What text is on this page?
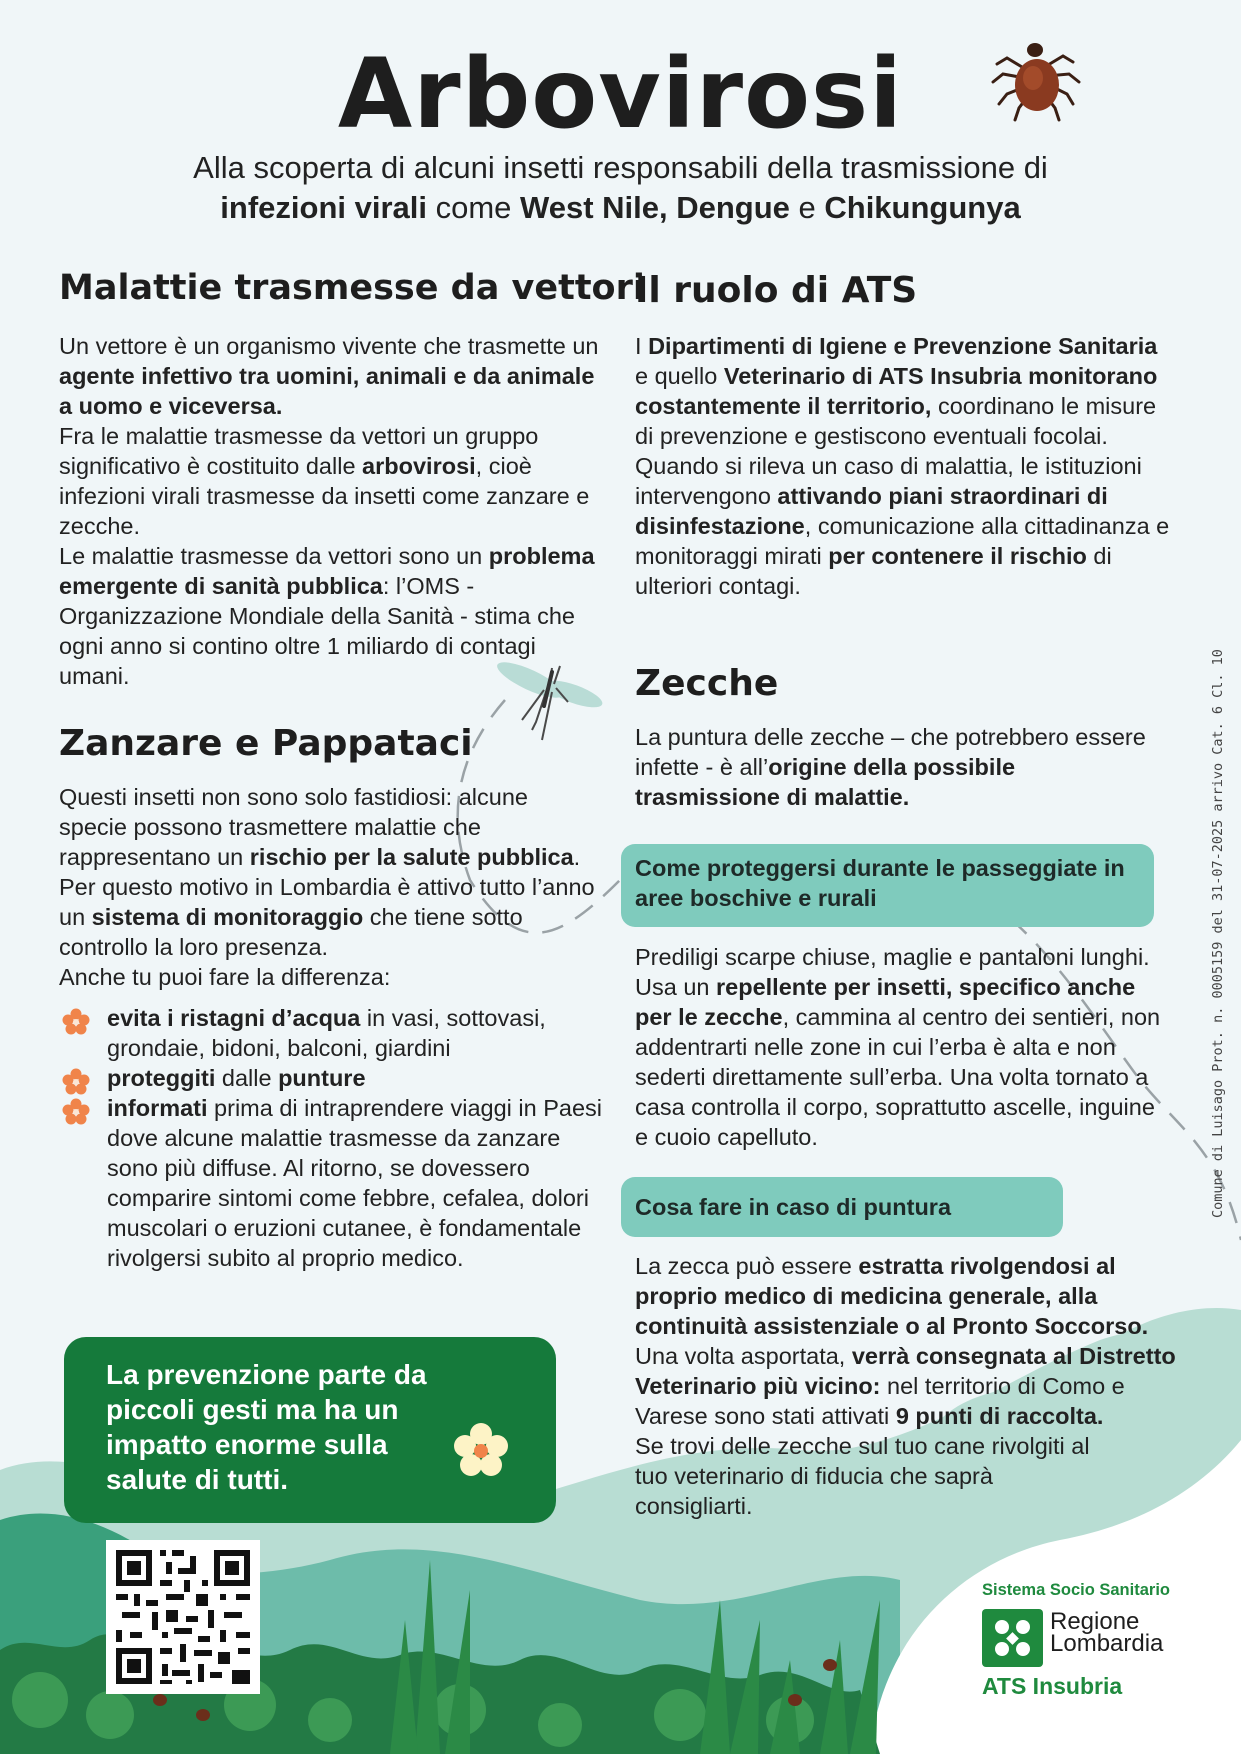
Arbovirosi
Alla scoperta di alcuni insetti responsabili della trasmissione di
infezioni virali come West Nile, Dengue e Chikungunya
Malattie trasmesse da vettori

Un vettore è un organismo vivente che trasmette un agente infettivo tra uomini, animali e da animale a uomo e viceversa.

Fra le malattie trasmesse da vettori un gruppo significativo è costituito dalle arbovirosi, cioè infezioni virali trasmesse da insetti come zanzare e zecche.

Le malattie trasmesse da vettori sono un problema emergente di sanità pubblica: l’OMS - Organizzazione Mondiale della Sanità - stima che ogni anno si contino oltre 1 miliardo di contagi umani.

Zanzare e Pappataci

Questi insetti non sono solo fastidiosi: alcune specie possono trasmettere malattie che rappresentano un rischio per la salute pubblica. Per questo motivo in Lombardia è attivo tutto l’anno un sistema di monitoraggio che tiene sotto controllo la loro presenza.

Anche tu puoi fare la differenza:

evita i ristagni d’acqua in vasi, sottovasi, grondaie, bidoni, balconi, giardini
proteggiti dalle punture
informati prima di intraprendere viaggi in Paesi dove alcune malattie trasmesse da zanzare sono più diffuse. Al ritorno, se dovessero comparire sintomi come febbre, cefalea, dolori muscolari o eruzioni cutanee, è fondamentale rivolgersi subito al proprio medico.
La prevenzione parte da piccoli gesti ma ha un impatto enorme sulla salute di tutti.
Il ruolo di ATS

I Dipartimenti di Igiene e Prevenzione Sanitaria e quello Veterinario di ATS Insubria monitorano costantemente il territorio, coordinano le misure di prevenzione e gestiscono eventuali focolai.

Quando si rileva un caso di malattia, le istituzioni intervengono attivando piani straordinari di disinfestazione, comunicazione alla cittadinanza e monitoraggi mirati per contenere il rischio di ulteriori contagi.

Zecche

La puntura delle zecche – che potrebbero essere infette - è all’origine della possibile trasmissione di malattie.

Come proteggersi durante le passeggiate in aree boschive e rurali

Prediligi scarpe chiuse, maglie e pantaloni lunghi. Usa un repellente per insetti, specifico anche per le zecche, cammina al centro dei sentieri, non addentrarti nelle zone in cui l’erba è alta e non sederti direttamente sull’erba. Una volta tornato a casa controlla il corpo, soprattutto ascelle, inguine e cuoio capelluto.

Cosa fare in caso di puntura

La zecca può essere estratta rivolgendosi al proprio medico di medicina generale, alla continuità assistenziale o al Pronto Soccorso. Una volta asportata, verrà consegnata al Distretto Veterinario più vicino: nel territorio di Como e Varese sono stati attivati 9 punti di raccolta.

Se trovi delle zecche sul tuo cane rivolgiti al tuo veterinario di fiducia che saprà consigliarti.

Comune di Luisago Prot. n. 0005159 del 31-07-2025 arrivo Cat. 6 Cl. 10
Sistema Socio Sanitario
Regione
Lombardia
ATS Insubria
